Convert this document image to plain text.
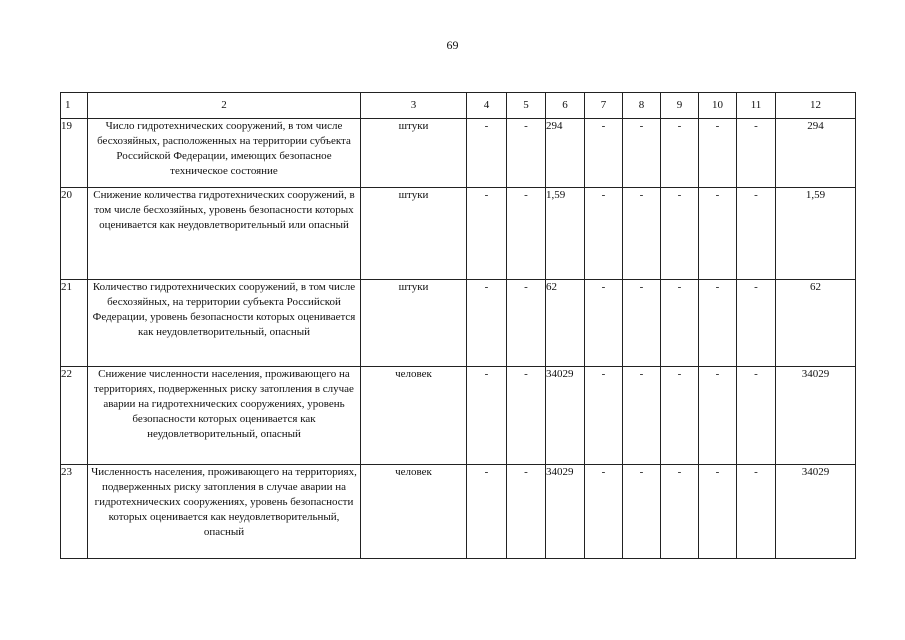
69
1	2	3	4	5	6	7	8	9	10	11	12
19	Число гидротехнических сооружений, в том числе бесхозяйных, расположенных на территории субъекта Российской Федерации, имеющих безопасное техническое состояние	штуки	-	-	294	-	-	-	-	-	294
20	Снижение количества гидротехнических сооружений, в том числе бесхозяйных, уровень безопасности которых оценивается как неудовлетворительный или опасный	штуки	-	-	1,59	-	-	-	-	-	1,59
21	Количество гидротехнических сооружений, в том числе бесхозяйных, на территории субъекта Российской Федерации, уровень безопасности которых оценивается как неудовлетворительный, опасный	штуки	-	-	62	-	-	-	-	-	62
22	Снижение численности населения, проживающего на территориях, подверженных риску затопления в случае аварии на гидротехнических сооружениях, уровень безопасности которых оценивается как неудовлетворительный, опасный	человек	-	-	34029	-	-	-	-	-	34029
23	Численность населения, проживающего на территориях, подверженных риску затопления в случае аварии на гидротехнических сооружениях, уровень безопасности которых оценивается как неудовлетворительный, опасный	человек	-	-	34029	-	-	-	-	-	34029
